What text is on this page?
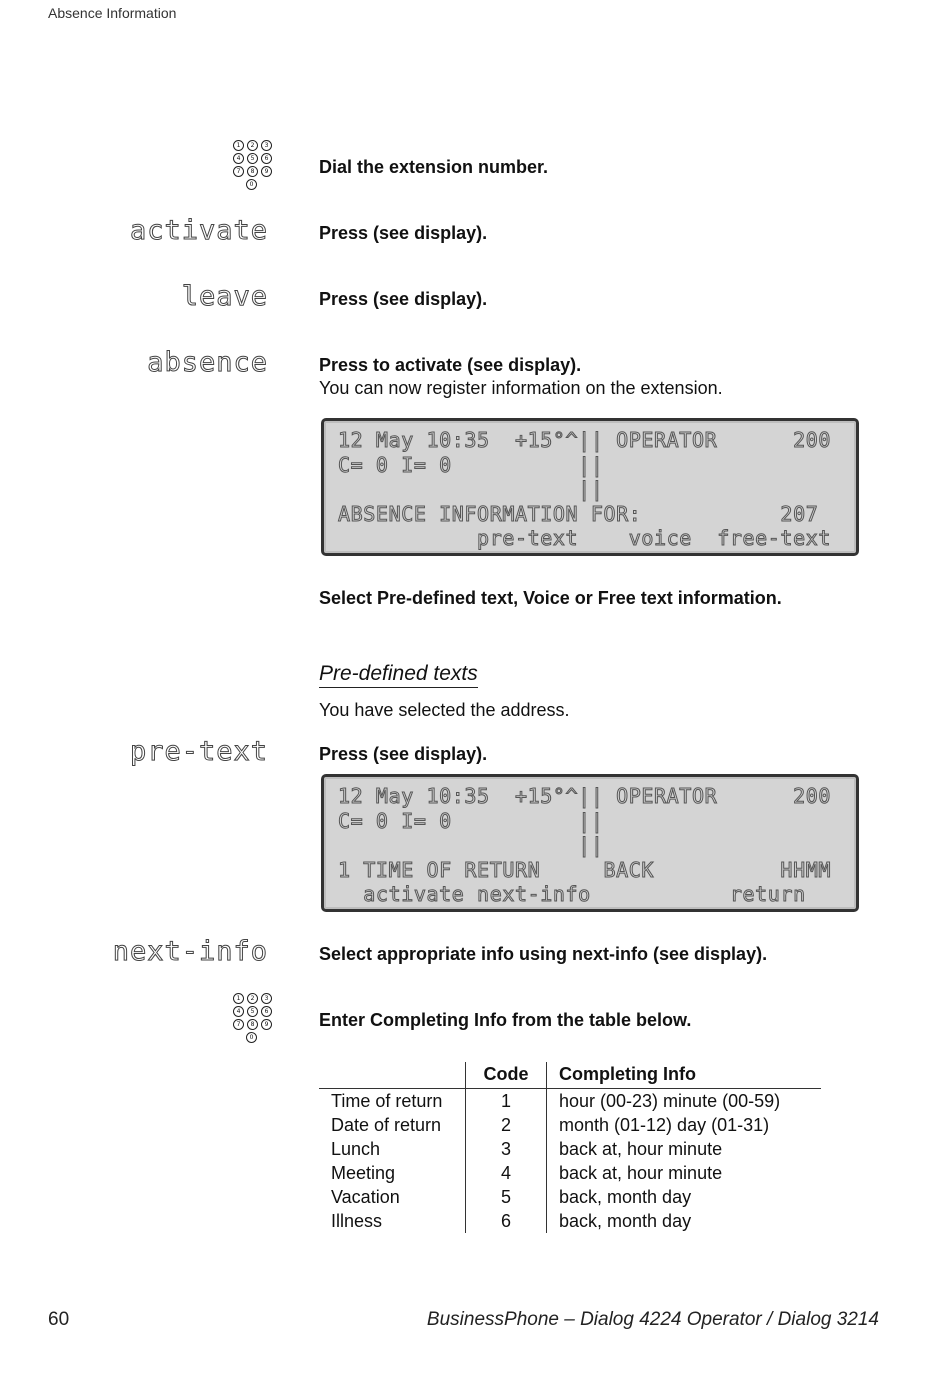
Absence Information
1	2	3
4	5	6
7	8	9
0
Dial the extension number.
activate	Press (see display).
leave	Press (see display).
absence	Press to activate (see display).
You can now register information on the extension.
12 May 10:35  +15°^|| OPERATOR      200
C= 0 I= 0          ||
||
ABSENCE INFORMATION FOR:           207
pre-text    voice  free-text
Select Pre-defined text, Voice or Free text information.
Pre-defined texts
You have selected the address.
pre-text	Press (see display).
12 May 10:35  +15°^|| OPERATOR      200
C= 0 I= 0          ||
||
1 TIME OF RETURN     BACK          HHMM
activate next-info           return
next-info	Select appropriate info using next-info (see display).
1	2	3
4	5	6
7	8	9
0
Enter Completing Info from the table below.
	Code	Completing Info
Time of return	1	hour (00-23) minute (00-59)
Date of return	2	month (01-12) day (01-31)
Lunch	3	back at, hour minute
Meeting	4	back at, hour minute
Vacation	5	back, month day
Illness	6	back, month day
60	BusinessPhone – Dialog 4224 Operator / Dialog 3214
